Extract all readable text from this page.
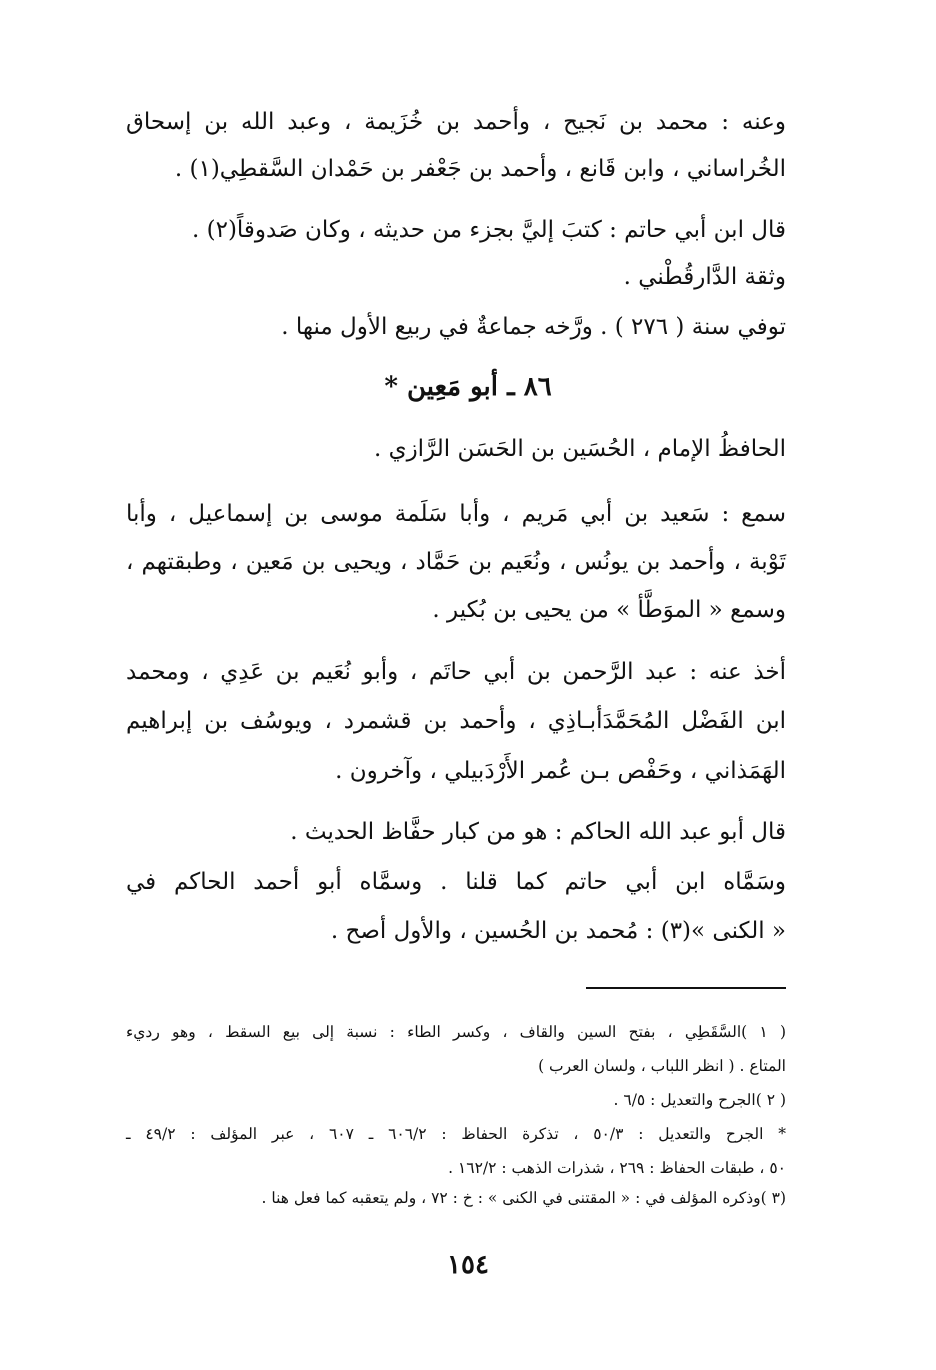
وعنه : محمد بن نَجيح ، وأحمد بن خُزَيمة ، وعبد الله بن إسحاق
الخُراساني ، وابن قَانع ، وأحمد بن جَعْفر بن حَمْدان السَّقطِي(١) .
قال ابن أبي حاتم : كتبَ إليَّ بجزء من حديثه ، وكان صَدوقاً(٢) .
وثقة الدَّارقُطْني .
توفي سنة ( ٢٧٦ ) . ورَّخه جماعةٌ في ربيع الأول منها .
٨٦ ـ أبو مَعِين *
الحافظُ الإمام ، الحُسَين بن الحَسَن الرَّازي .
سمع : سَعيد بن أبي مَريم ، وأبا سَلَمة موسى بن إسماعيل ، وأبا
تَوْبة ، وأحمد بن يونُس ، ونُعَيم بن حَمَّاد ، ويحيى بن مَعين ، وطبقتهم ،
وسمع « الموَطَّأ » من يحيى بن بُكير .
أخذ عنه : عبد الرَّحمن بن أبي حاتَم ، وأبو نُعَيم بن عَدِي ، ومحمد
ابن الفَضْل المُحَمَّدَأبـاذِي ، وأحمد بن قشمرد ، ويوسُف بن إبراهيم
الهَمَذاني ، وحَفْص بـن عُمر الأَرْدَبيلي ، وآخرون .
قال أبو عبد الله الحاكم : هو من كبار حفَّاظ الحديث .
وسَمَّاه ابن أبي حاتم كما قلنا . وسمَّاه أبو أحمد الحاكم في
« الكنى »(٣) : مُحمد بن الحُسين ، والأول أصح .
( ١ )السَّقَطِي ، بفتح السين والقاف ، وكسر الطاء : نسبة إلى بيع السقط ، وهو رديء
المتاع . ( انظر اللباب ، ولسان العرب )
( ٢ )الجرح والتعديل : ٦/٥ .
* الجرح والتعديل : ٥٠/٣ ، تذكرة الحفاظ : ٦٠٦/٢ ـ ٦٠٧ ، عبر المؤلف : ٤٩/٢ ـ
٥٠ ، طبقات الحفاظ : ٢٦٩ ، شذرات الذهب : ١٦٢/٢ .
(٣ )وذكره المؤلف في : « المقتنى في الكنى » : خ : ٧٢ ، ولم يتعقبه كما فعل هنا .
١٥٤
